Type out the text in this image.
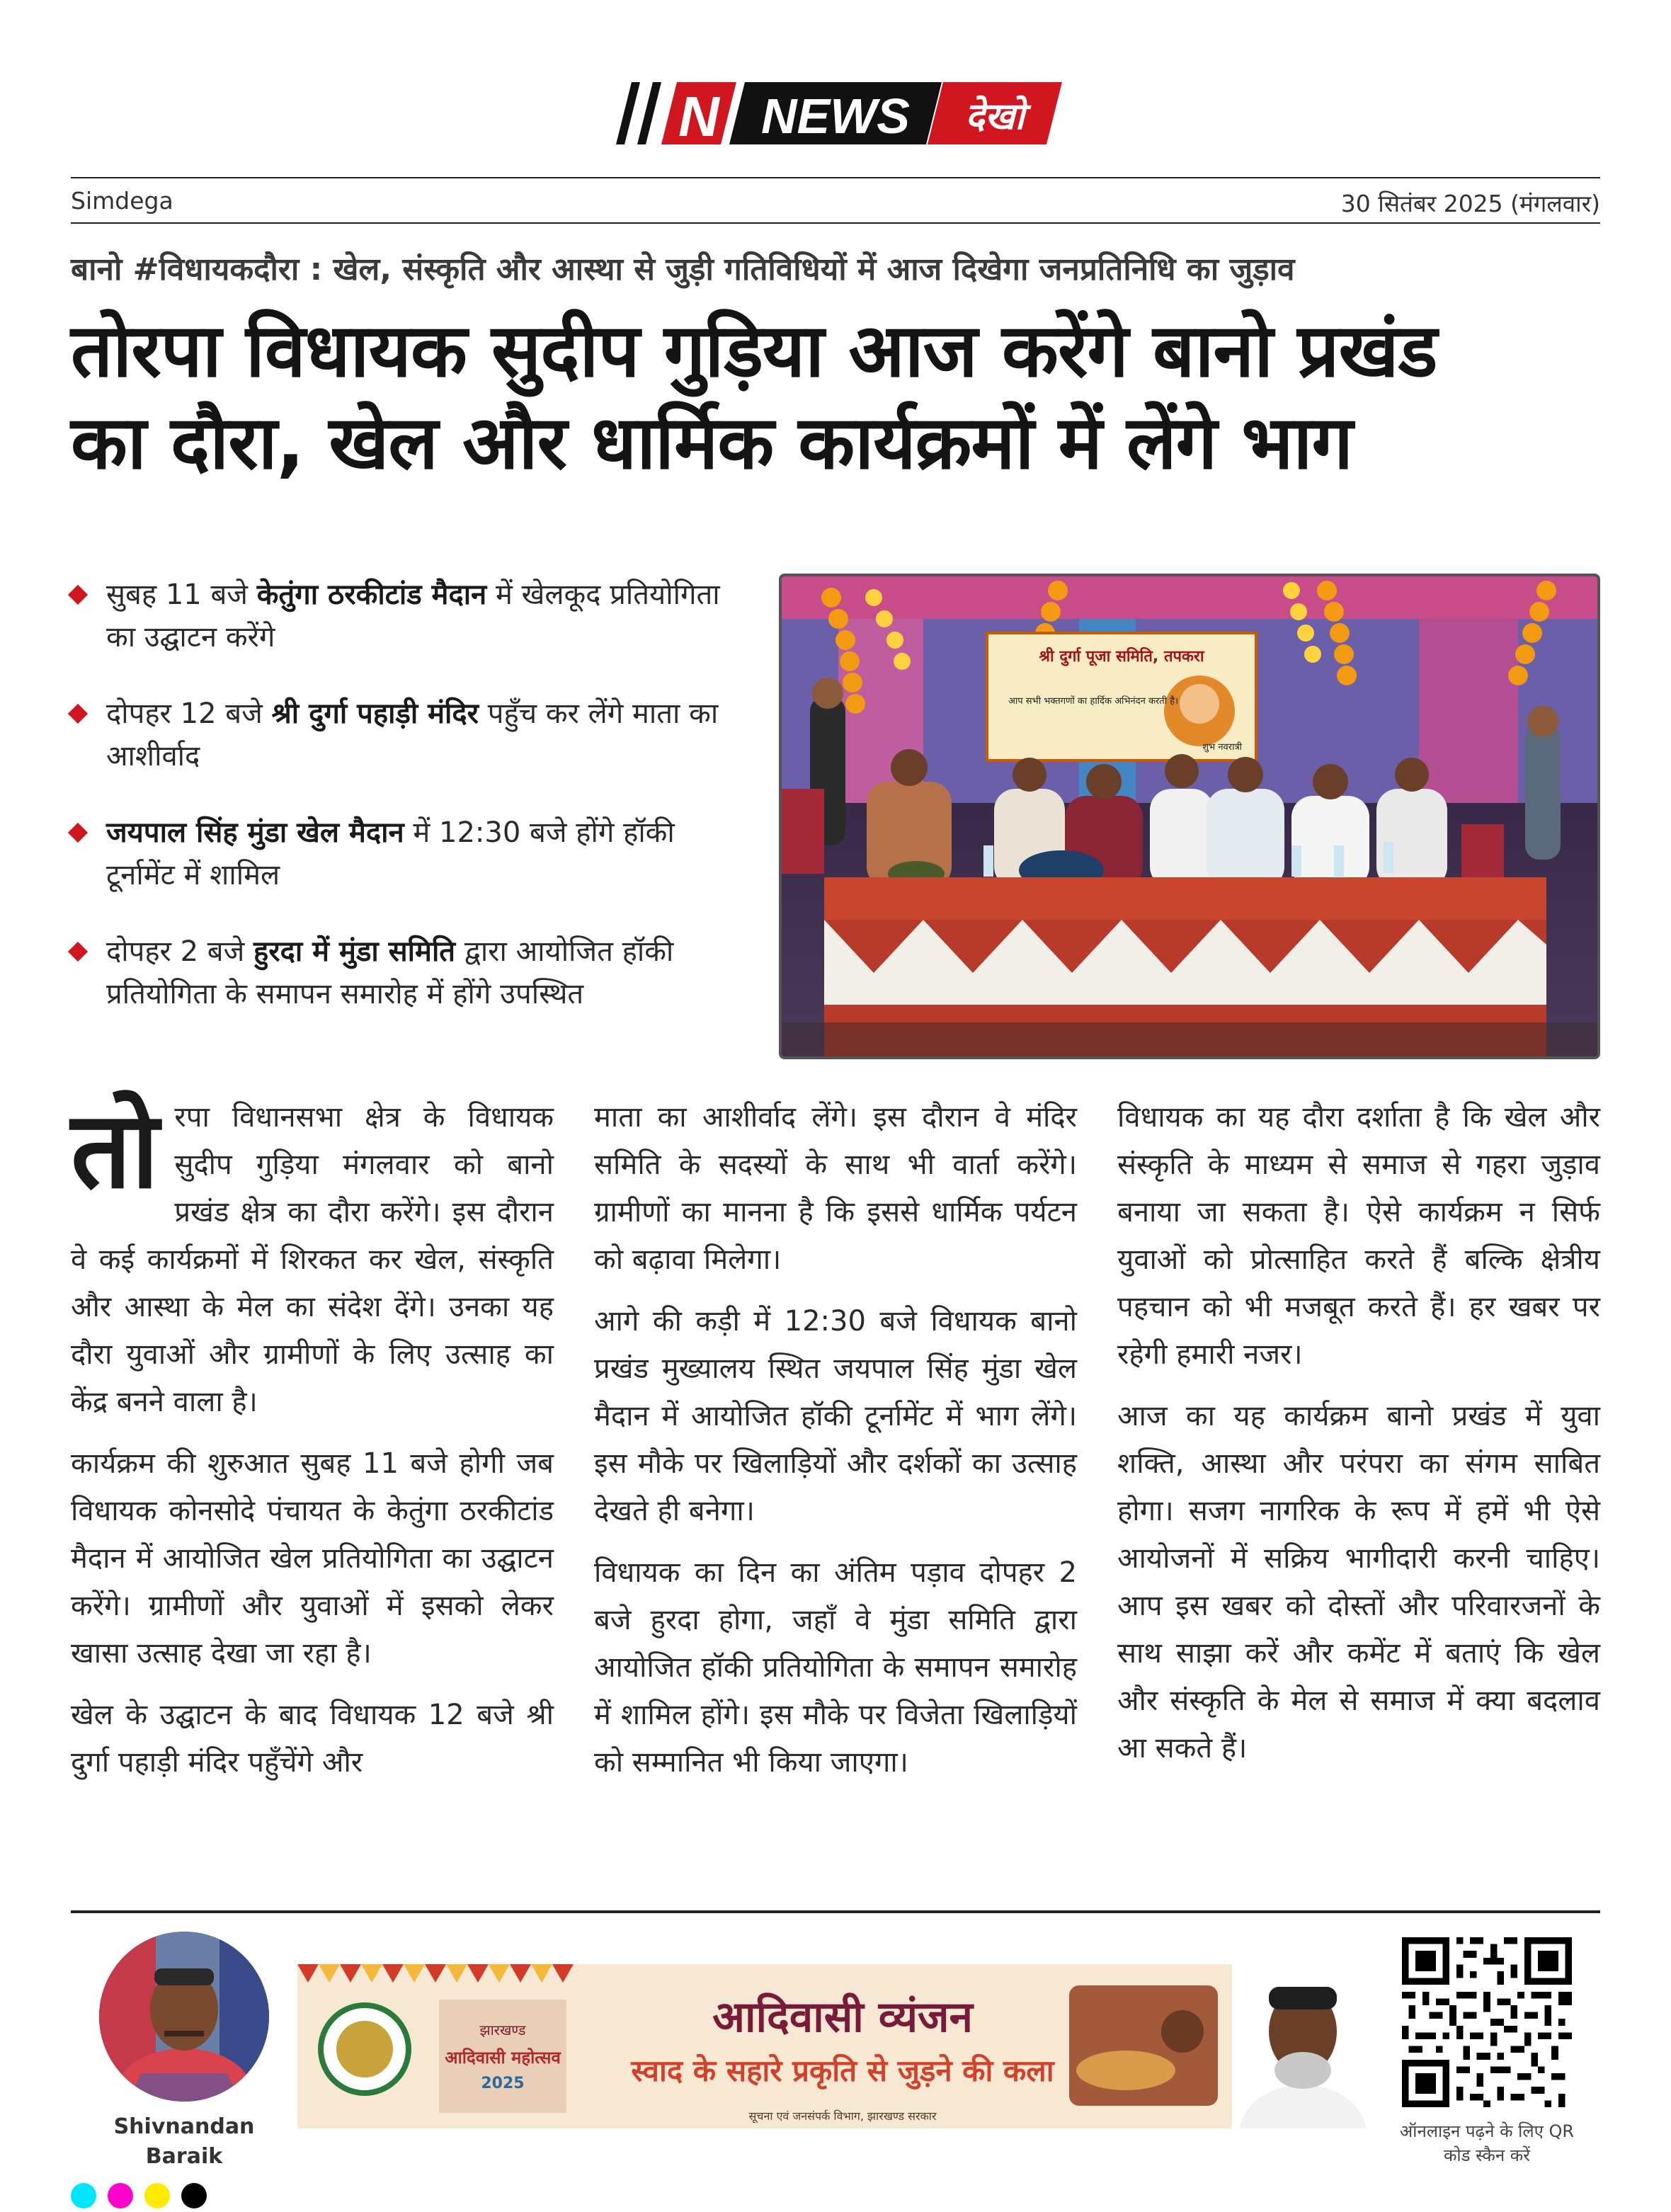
N NEWS देखो
Simdega	30 सितंबर 2025 (मंगलवार)
बानो #विधायकदौरा : खेल, संस्कृति और आस्था से जुड़ी गतिविधियों में आज दिखेगा जनप्रतिनिधि का जुड़ाव
तोरपा विधायक सुदीप गुड़िया आज करेंगे बानो प्रखंड
का दौरा, खेल और धार्मिक कार्यक्रमों में लेंगे भाग
सुबह 11 बजे केतुंगा ठरकीटांड मैदान में खेलकूद प्रतियोगिता का उद्घाटन करेंगे
दोपहर 12 बजे श्री दुर्गा पहाड़ी मंदिर पहुँच कर लेंगे माता का आशीर्वाद
जयपाल सिंह मुंडा खेल मैदान में 12:30 बजे होंगे हॉकी टूर्नामेंट में शामिल
दोपहर 2 बजे हुरदा में मुंडा समिति द्वारा आयोजित हॉकी प्रतियोगिता के समापन समारोह में होंगे उपस्थित
श्री दुर्गा पूजा समिति, तपकरा
आप सभी भक्तगणों का हार्दिक अभिनंदन करती है।
शुभ नवरात्री

तोरपा विधानसभा क्षेत्र के विधायक सुदीप गुड़िया मंगलवार को बानो प्रखंड क्षेत्र का दौरा करेंगे। इस दौरान वे कई कार्यक्रमों में शिरकत कर खेल, संस्कृति और आस्था के मेल का संदेश देंगे। उनका यह दौरा युवाओं और ग्रामीणों के लिए उत्साह का केंद्र बनने वाला है।

कार्यक्रम की शुरुआत सुबह 11 बजे होगी जब विधायक कोनसोदे पंचायत के केतुंगा ठरकीटांड मैदान में आयोजित खेल प्रतियोगिता का उद्घाटन करेंगे। ग्रामीणों और युवाओं में इसको लेकर खासा उत्साह देखा जा रहा है।

खेल के उद्घाटन के बाद विधायक 12 बजे श्री दुर्गा पहाड़ी मंदिर पहुँचेंगे और

माता का आशीर्वाद लेंगे। इस दौरान वे मंदिर समिति के सदस्यों के साथ भी वार्ता करेंगे। ग्रामीणों का मानना है कि इससे धार्मिक पर्यटन को बढ़ावा मिलेगा।

आगे की कड़ी में 12:30 बजे विधायक बानो प्रखंड मुख्यालय स्थित जयपाल सिंह मुंडा खेल मैदान में आयोजित हॉकी टूर्नामेंट में भाग लेंगे। इस मौके पर खिलाड़ियों और दर्शकों का उत्साह देखते ही बनेगा।

विधायक का दिन का अंतिम पड़ाव दोपहर 2 बजे हुरदा होगा, जहाँ वे मुंडा समिति द्वारा आयोजित हॉकी प्रतियोगिता के समापन समारोह में शामिल होंगे। इस मौके पर विजेता खिलाड़ियों को सम्मानित भी किया जाएगा।

विधायक का यह दौरा दर्शाता है कि खेल और संस्कृति के माध्यम से समाज से गहरा जुड़ाव बनाया जा सकता है। ऐसे कार्यक्रम न सिर्फ युवाओं को प्रोत्साहित करते हैं बल्कि क्षेत्रीय पहचान को भी मजबूत करते हैं। हर खबर पर रहेगी हमारी नजर।

आज का यह कार्यक्रम बानो प्रखंड में युवा शक्ति, आस्था और परंपरा का संगम साबित होगा। सजग नागरिक के रूप में हमें भी ऐसे आयोजनों में सक्रिय भागीदारी करनी चाहिए। आप इस खबर को दोस्तों और परिवारजनों के साथ साझा करें और कमेंट में बताएं कि खेल और संस्कृति के मेल से समाज में क्या बदलाव आ सकते हैं।

Shivnandan Baraik
झारखण्ड
आदिवासी महोत्सव
2025
आदिवासी व्यंजन
स्वाद के सहारे प्रकृति से जुड़ने की कला
सूचना एवं जनसंपर्क विभाग, झारखण्ड सरकार
ऑनलाइन पढ़ने के लिए QR कोड स्कैन करें
